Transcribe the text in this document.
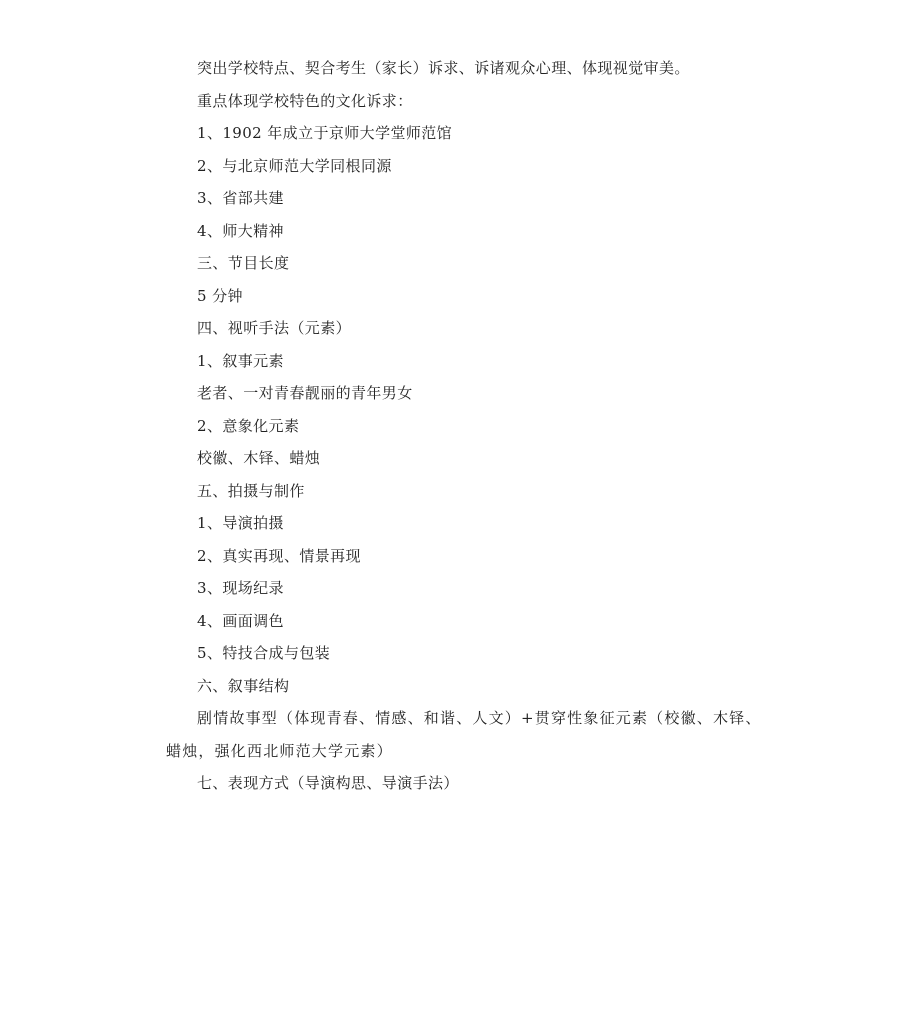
突出学校特点、契合考生（家长）诉求、诉诸观众心理、体现视觉审美。

重点体现学校特色的文化诉求：

1、1902 年成立于京师大学堂师范馆

2、与北京师范大学同根同源

3、省部共建

4、师大精神

三、节目长度

5 分钟

四、视听手法（元素）

1、叙事元素

老者、一对青春靓丽的青年男女

2、意象化元素

校徽、木铎、蜡烛

五、拍摄与制作

1、导演拍摄

2、真实再现、情景再现

3、现场纪录

4、画面调色

5、特技合成与包装

六、叙事结构

剧情故事型（体现青春、情感、和谐、人文）+贯穿性象征元素（校徽、木铎、蜡烛，强化西北师范大学元素）

七、表现方式（导演构思、导演手法）
